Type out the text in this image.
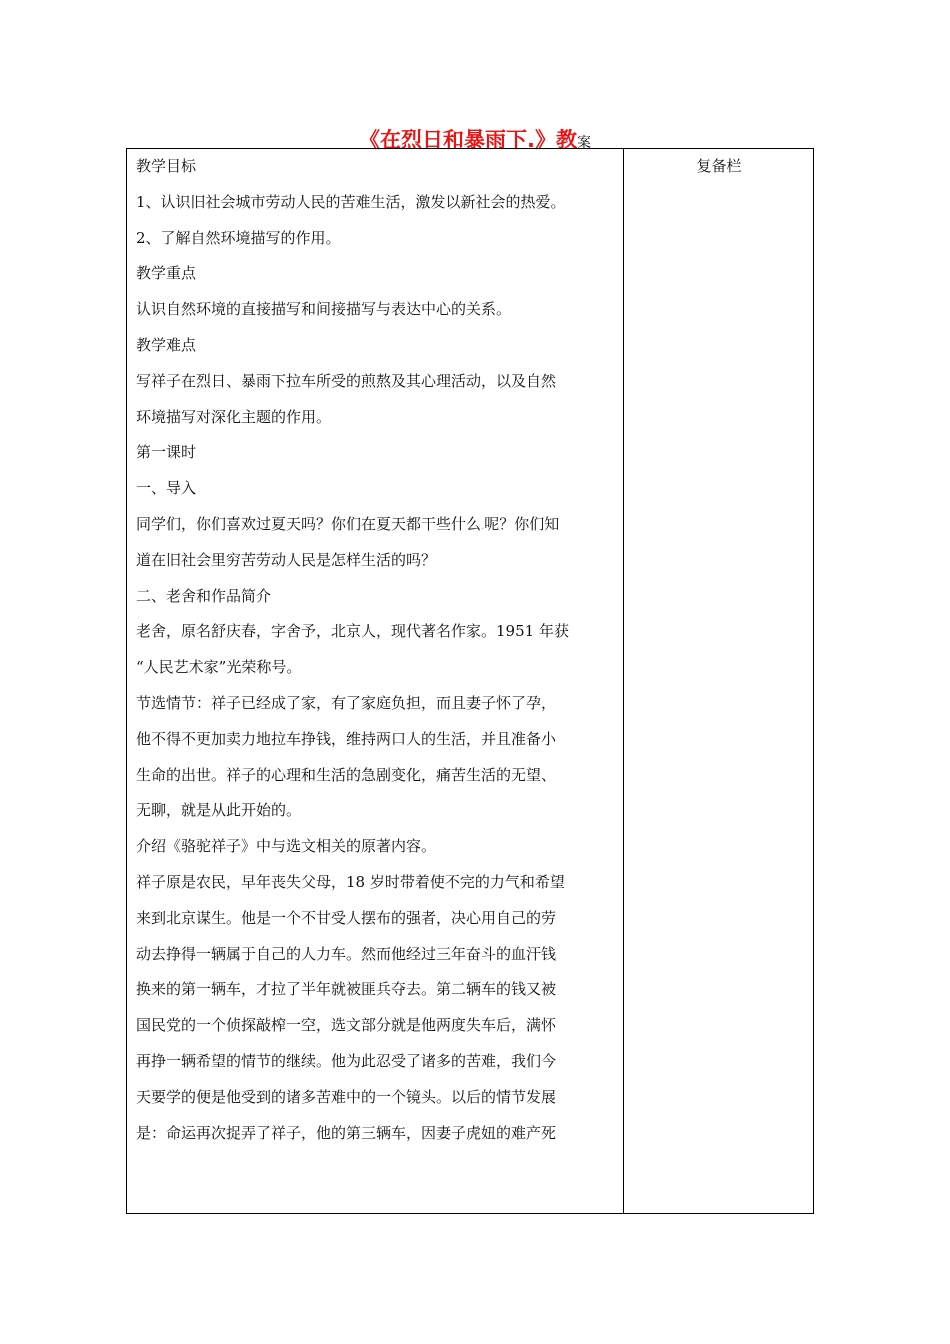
《在烈日和暴雨下.》教案
复备栏
教学目标
1、认识旧社会城市劳动人民的苦难生活，激发以新社会的热爱。
2、了解自然环境描写的作用。
教学重点
认识自然环境的直接描写和间接描写与表达中心的关系。
教学难点
写祥子在烈日、暴雨下拉车所受的煎熬及其心理活动，以及自然
环境描写对深化主题的作用。
第一课时
一、导入
同学们，你们喜欢过夏天吗？你们在夏天都干些什么.呢？你们知
道在旧社会里穷苦劳动人民是怎样生活的吗？
二、老舍和作品简介
老舍，原名舒庆春，字舍予，北京人，现代著名作家。1951 年获
“人民艺术家”光荣称号。
节选情节：祥子已经成了家，有了家庭负担，而且妻子怀了孕，
他不得不更加卖力地拉车挣钱，维持两口人的生活，并且准备小
生命的出世。祥子的心理和生活的急剧变化，痛苦生活的无望、
无聊，就是从此开始的。
介绍《骆驼祥子》中与选文相关的原著内容。
祥子原是农民，早年丧失父母，18 岁时带着使不完的力气和希望
来到北京谋生。他是一个不甘受人摆布的强者，决心用自己的劳
动去挣得一辆属于自己的人力车。然而他经过三年奋斗的血汗钱
换来的第一辆车，才拉了半年就被匪兵夺去。第二辆车的钱又被
国民党的一个侦探敲榨一空，选文部分就是他两度失车后，满怀
再挣一辆希望的情节的继续。他为此忍受了诸多的苦难，我们今
天要学的便是他受到的诸多苦难中的一个镜头。以后的情节发展
是：命运再次捉弄了祥子，他的第三辆车，因妻子虎妞的难产死
